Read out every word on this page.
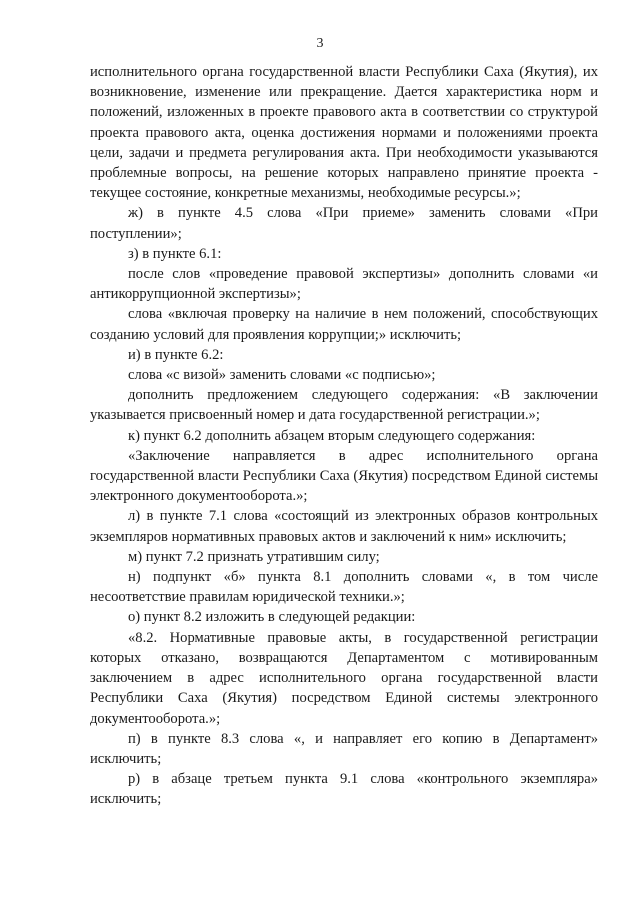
3

исполнительного органа государственной власти Республики Саха (Якутия), их возникновение, изменение или прекращение. Дается характеристика норм и положений, изложенных в проекте правового акта в соответствии со структурой проекта правового акта, оценка достижения нормами и положениями проекта цели, задачи и предмета регулирования акта. При необходимости указываются проблемные вопросы, на решение которых направлено принятие проекта - текущее состояние, конкретные механизмы, необходимые ресурсы.»;

ж) в пункте 4.5 слова «При приеме» заменить словами «При поступлении»;

з) в пункте 6.1:

после слов «проведение правовой экспертизы» дополнить словами «и антикоррупционной экспертизы»;

слова «включая проверку на наличие в нем положений, способствующих созданию условий для проявления коррупции;» исключить;

и) в пункте 6.2:

слова «с визой» заменить словами «с подписью»;

дополнить предложением следующего содержания: «В заключении указывается присвоенный номер и дата государственной регистрации.»;

к) пункт 6.2 дополнить абзацем вторым следующего содержания:

«Заключение направляется в адрес исполнительного органа государственной власти Республики Саха (Якутия) посредством Единой системы электронного документооборота.»;

л) в пункте 7.1 слова «состоящий из электронных образов контрольных экземпляров нормативных правовых актов и заключений к ним» исключить;

м) пункт 7.2 признать утратившим силу;

н) подпункт «б» пункта 8.1 дополнить словами «, в том числе несоответствие правилам юридической техники.»;

о) пункт 8.2 изложить в следующей редакции:

«8.2. Нормативные правовые акты, в государственной регистрации которых отказано, возвращаются Департаментом с мотивированным заключением в адрес исполнительного органа государственной власти Республики Саха (Якутия) посредством Единой системы электронного документооборота.»;

п) в пункте 8.3 слова «, и направляет его копию в Департамент» исключить;

р) в абзаце третьем пункта 9.1 слова «контрольного экземпляра» исключить;
